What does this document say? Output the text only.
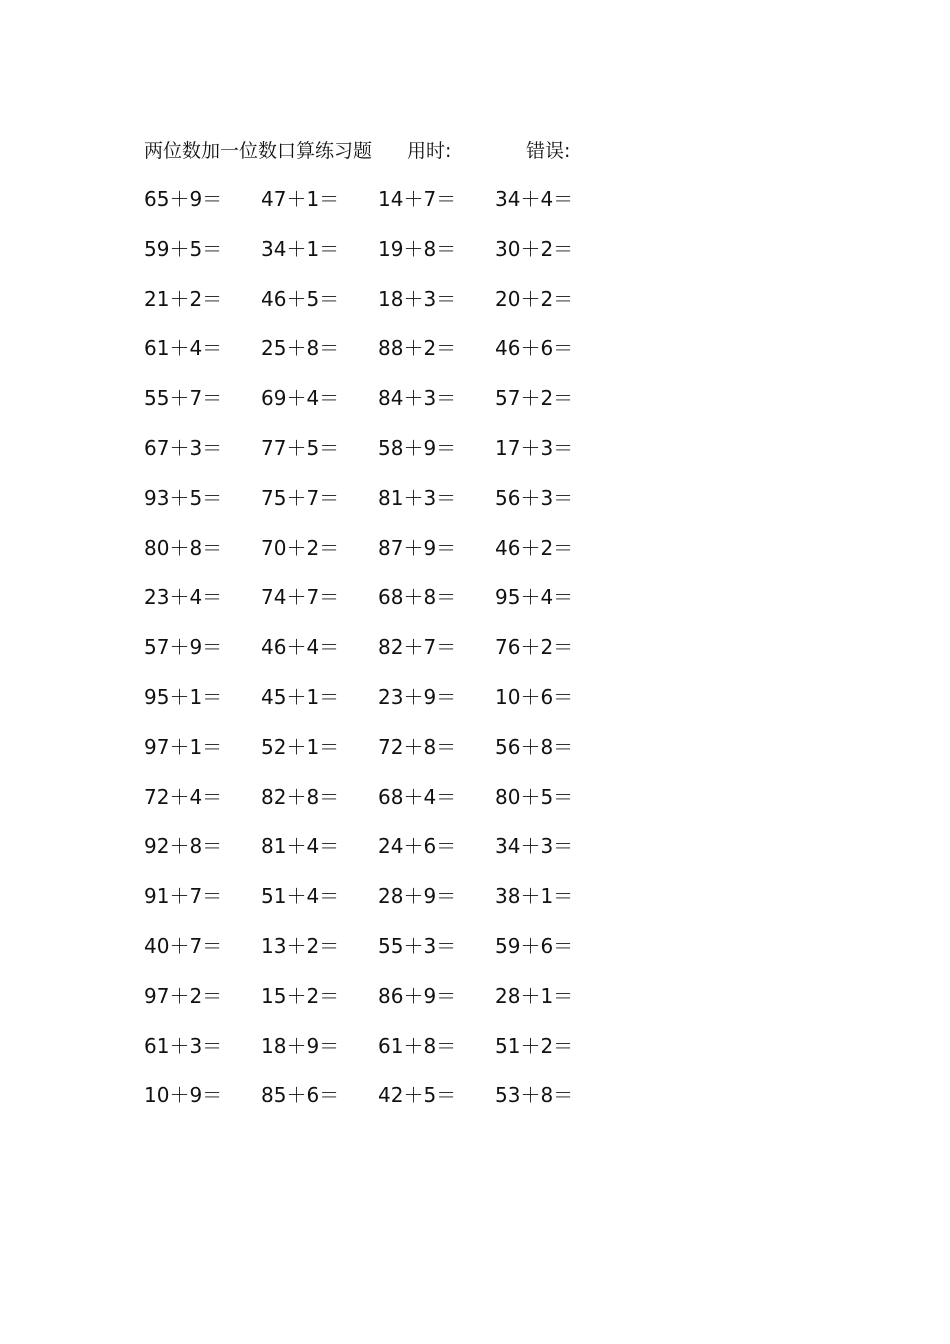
两位数加一位数口算练习题 用时:	错误:
65＋9＝ 47＋1＝ 14＋7＝ 34＋4＝
59＋5＝ 34＋1＝ 19＋8＝ 30＋2＝
21＋2＝ 46＋5＝ 18＋3＝ 20＋2＝
61＋4＝ 25＋8＝ 88＋2＝ 46＋6＝
55＋7＝ 69＋4＝ 84＋3＝ 57＋2＝
67＋3＝ 77＋5＝ 58＋9＝ 17＋3＝
93＋5＝ 75＋7＝ 81＋3＝ 56＋3＝
80＋8＝ 70＋2＝ 87＋9＝ 46＋2＝
23＋4＝ 74＋7＝ 68＋8＝ 95＋4＝
57＋9＝ 46＋4＝ 82＋7＝ 76＋2＝
95＋1＝ 45＋1＝ 23＋9＝ 10＋6＝
97＋1＝ 52＋1＝ 72＋8＝ 56＋8＝
72＋4＝ 82＋8＝ 68＋4＝ 80＋5＝
92＋8＝ 81＋4＝ 24＋6＝ 34＋3＝
91＋7＝ 51＋4＝ 28＋9＝ 38＋1＝
40＋7＝ 13＋2＝ 55＋3＝ 59＋6＝
97＋2＝ 15＋2＝ 86＋9＝ 28＋1＝
61＋3＝ 18＋9＝ 61＋8＝ 51＋2＝
10＋9＝ 85＋6＝ 42＋5＝ 53＋8＝
